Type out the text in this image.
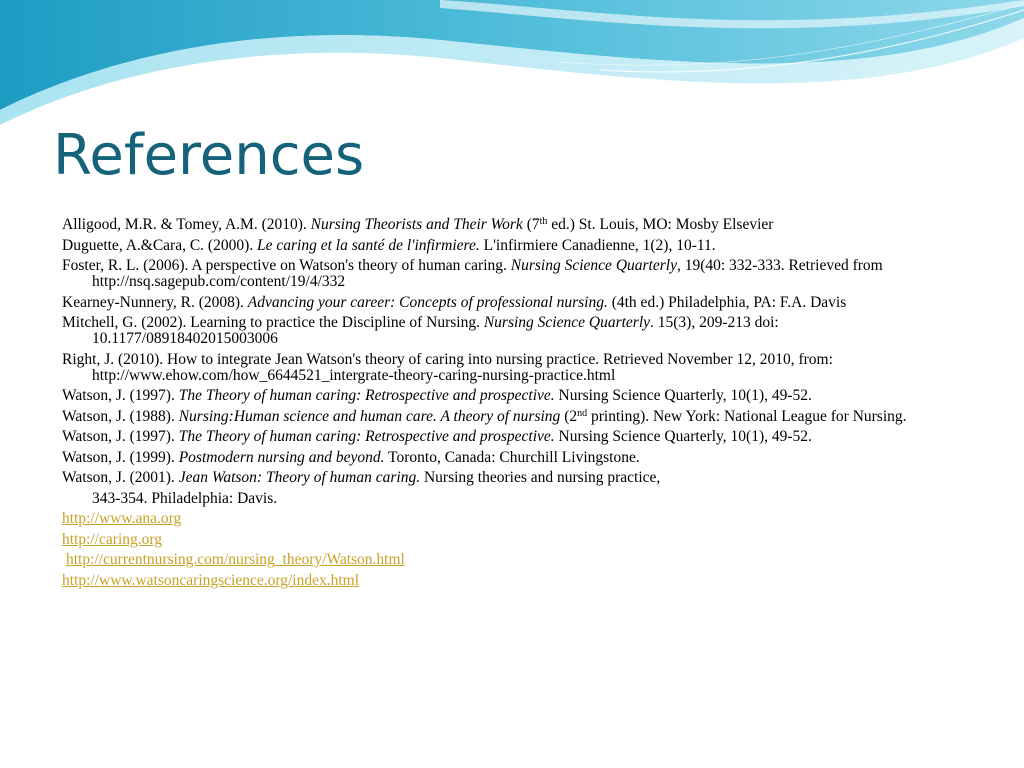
References
Alligood, M.R. & Tomey, A.M. (2010). Nursing Theorists and Their Work (7th ed.) St. Louis, MO: Mosby Elsevier
Duguette, A.&Cara, C. (2000). Le caring et la santé de l'infirmiere. L'infirmiere Canadienne, 1(2), 10-11.
Foster, R. L. (2006). A perspective on Watson's theory of human caring. Nursing Science Quarterly, 19(40: 332-333. Retrieved from http://nsq.sagepub.com/content/19/4/332
Kearney-Nunnery, R. (2008). Advancing your career: Concepts of professional nursing. (4th ed.) Philadelphia, PA: F.A. Davis
Mitchell, G. (2002). Learning to practice the Discipline of Nursing. Nursing Science Quarterly. 15(3), 209-213 doi: 10.1177/08918402015003006
Right, J. (2010). How to integrate Jean Watson's theory of caring into nursing practice. Retrieved November 12, 2010, from: http://www.ehow.com/how_6644521_intergrate-theory-caring-nursing-practice.html
Watson, J. (1997). The Theory of human caring: Retrospective and prospective. Nursing Science Quarterly, 10(1), 49-52.
Watson, J. (1988). Nursing:Human science and human care. A theory of nursing (2nd printing). New York: National League for Nursing.
Watson, J. (1997). The Theory of human caring: Retrospective and prospective. Nursing Science Quarterly, 10(1), 49-52.
Watson, J. (1999). Postmodern nursing and beyond. Toronto, Canada: Churchill Livingstone.
Watson, J. (2001). Jean Watson: Theory of human caring. Nursing theories and nursing practice,
343-354. Philadelphia: Davis.
http://www.ana.org
http://caring.org
http://currentnursing.com/nursing_theory/Watson.html
http://www.watsoncaringscience.org/index.html
